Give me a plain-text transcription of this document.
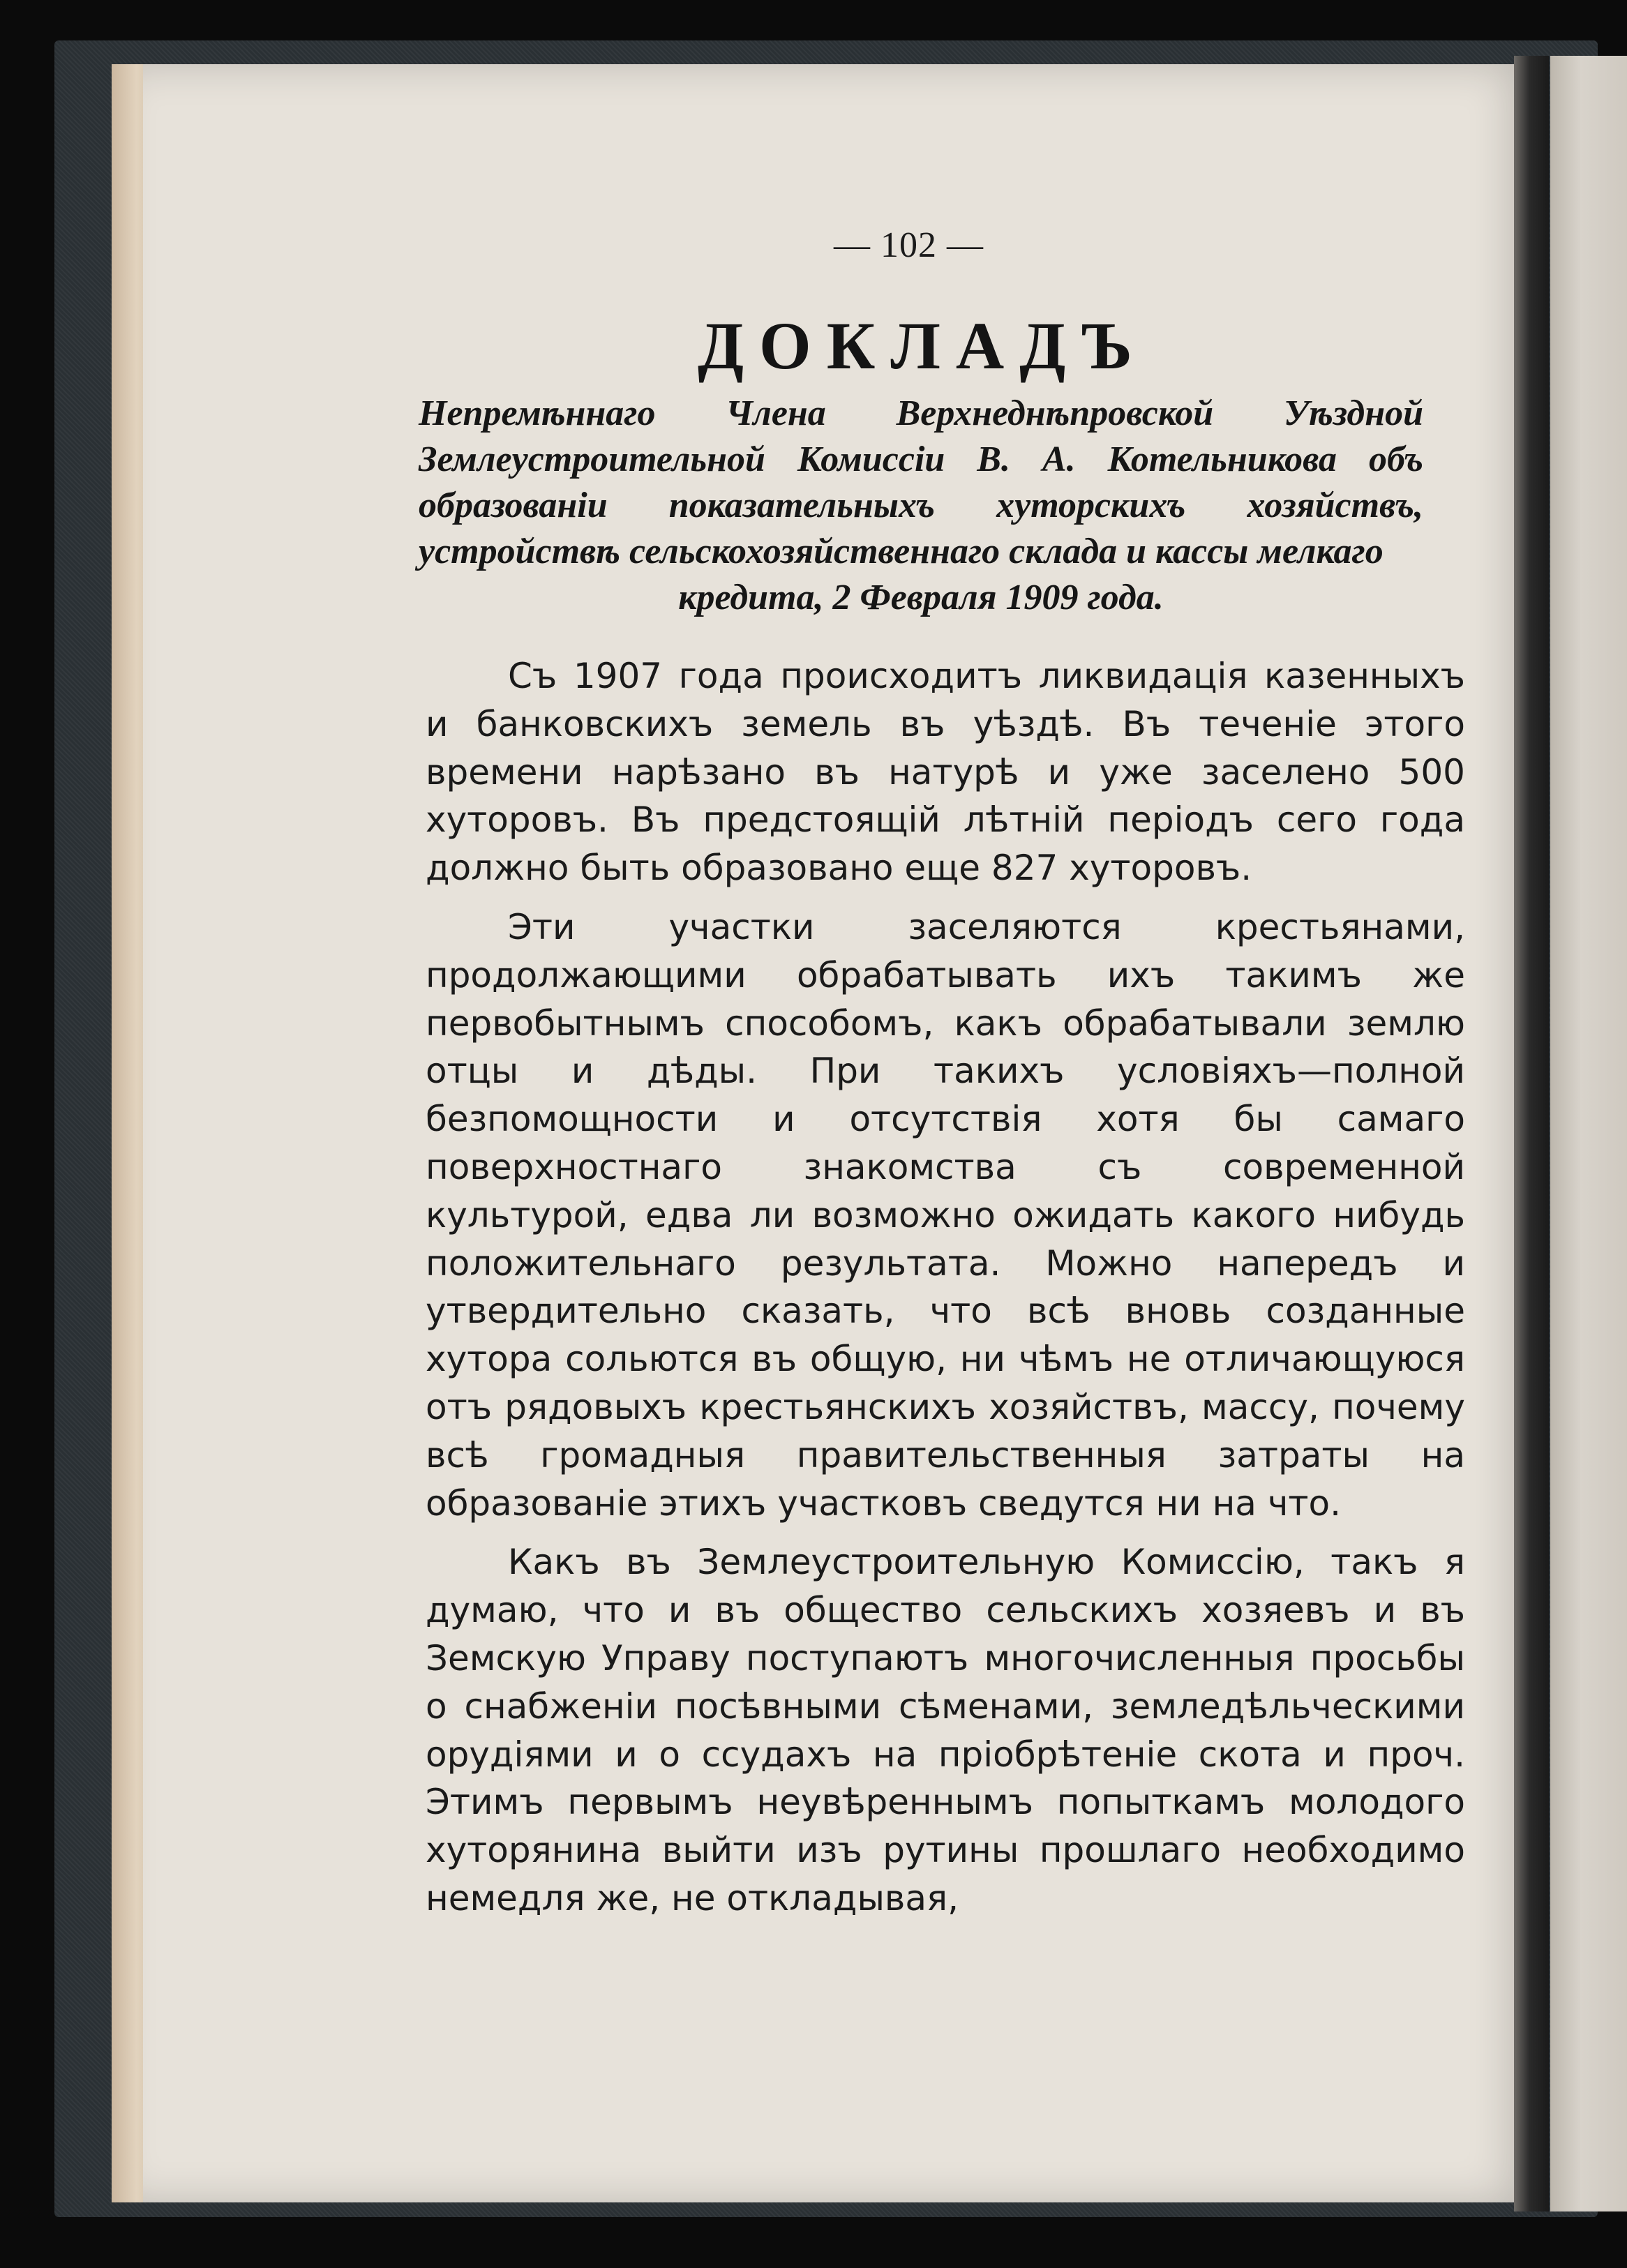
— 102 —
ДОКЛАДЪ
Непремѣннаго Члена Верхнеднѣпровской Уѣздной Землеустроительной Комиссіи В. А. Котельникова объ образованіи показательныхъ хуторскихъ хозяйствъ, устройствѣ сельскохозяйственнаго склада и кассы мелкаго
кредита, 2 Февраля 1909 года.

Съ 1907 года происходитъ ликвидація казенныхъ и банковскихъ земель въ уѣздѣ. Въ теченіе этого времени нарѣзано въ натурѣ и уже заселено 500 хуторовъ. Въ предстоящій лѣтній періодъ сего года должно быть образовано еще 827 хуторовъ.

Эти участки заселяются крестьянами, продолжающими обрабатывать ихъ такимъ же первобытнымъ способомъ, какъ обрабатывали землю отцы и дѣды. При такихъ условіяхъ—полной безпомощности и отсутствія хотя бы самаго поверхностнаго знакомства съ современной культурой, едва ли возможно ожидать какого нибудь положительнаго результата. Можно напередъ и утвердительно сказать, что всѣ вновь созданные хутора сольются въ общую, ни чѣмъ не отличающуюся отъ рядовыхъ крестьянскихъ хозяйствъ, массу, почему всѣ громадныя правительственныя затраты на образованіе этихъ участковъ сведутся ни на что.

Какъ въ Землеустроительную Комиссію, такъ я думаю, что и въ общество сельскихъ хозяевъ и въ Земскую Управу поступаютъ многочисленныя просьбы о снабженіи посѣвными сѣменами, земледѣльческими орудіями и о ссудахъ на пріобрѣтеніе скота и проч. Этимъ первымъ неувѣреннымъ попыткамъ молодого хуторянина выйти изъ рутины прошлаго необходимо немедля же, не откладывая,
